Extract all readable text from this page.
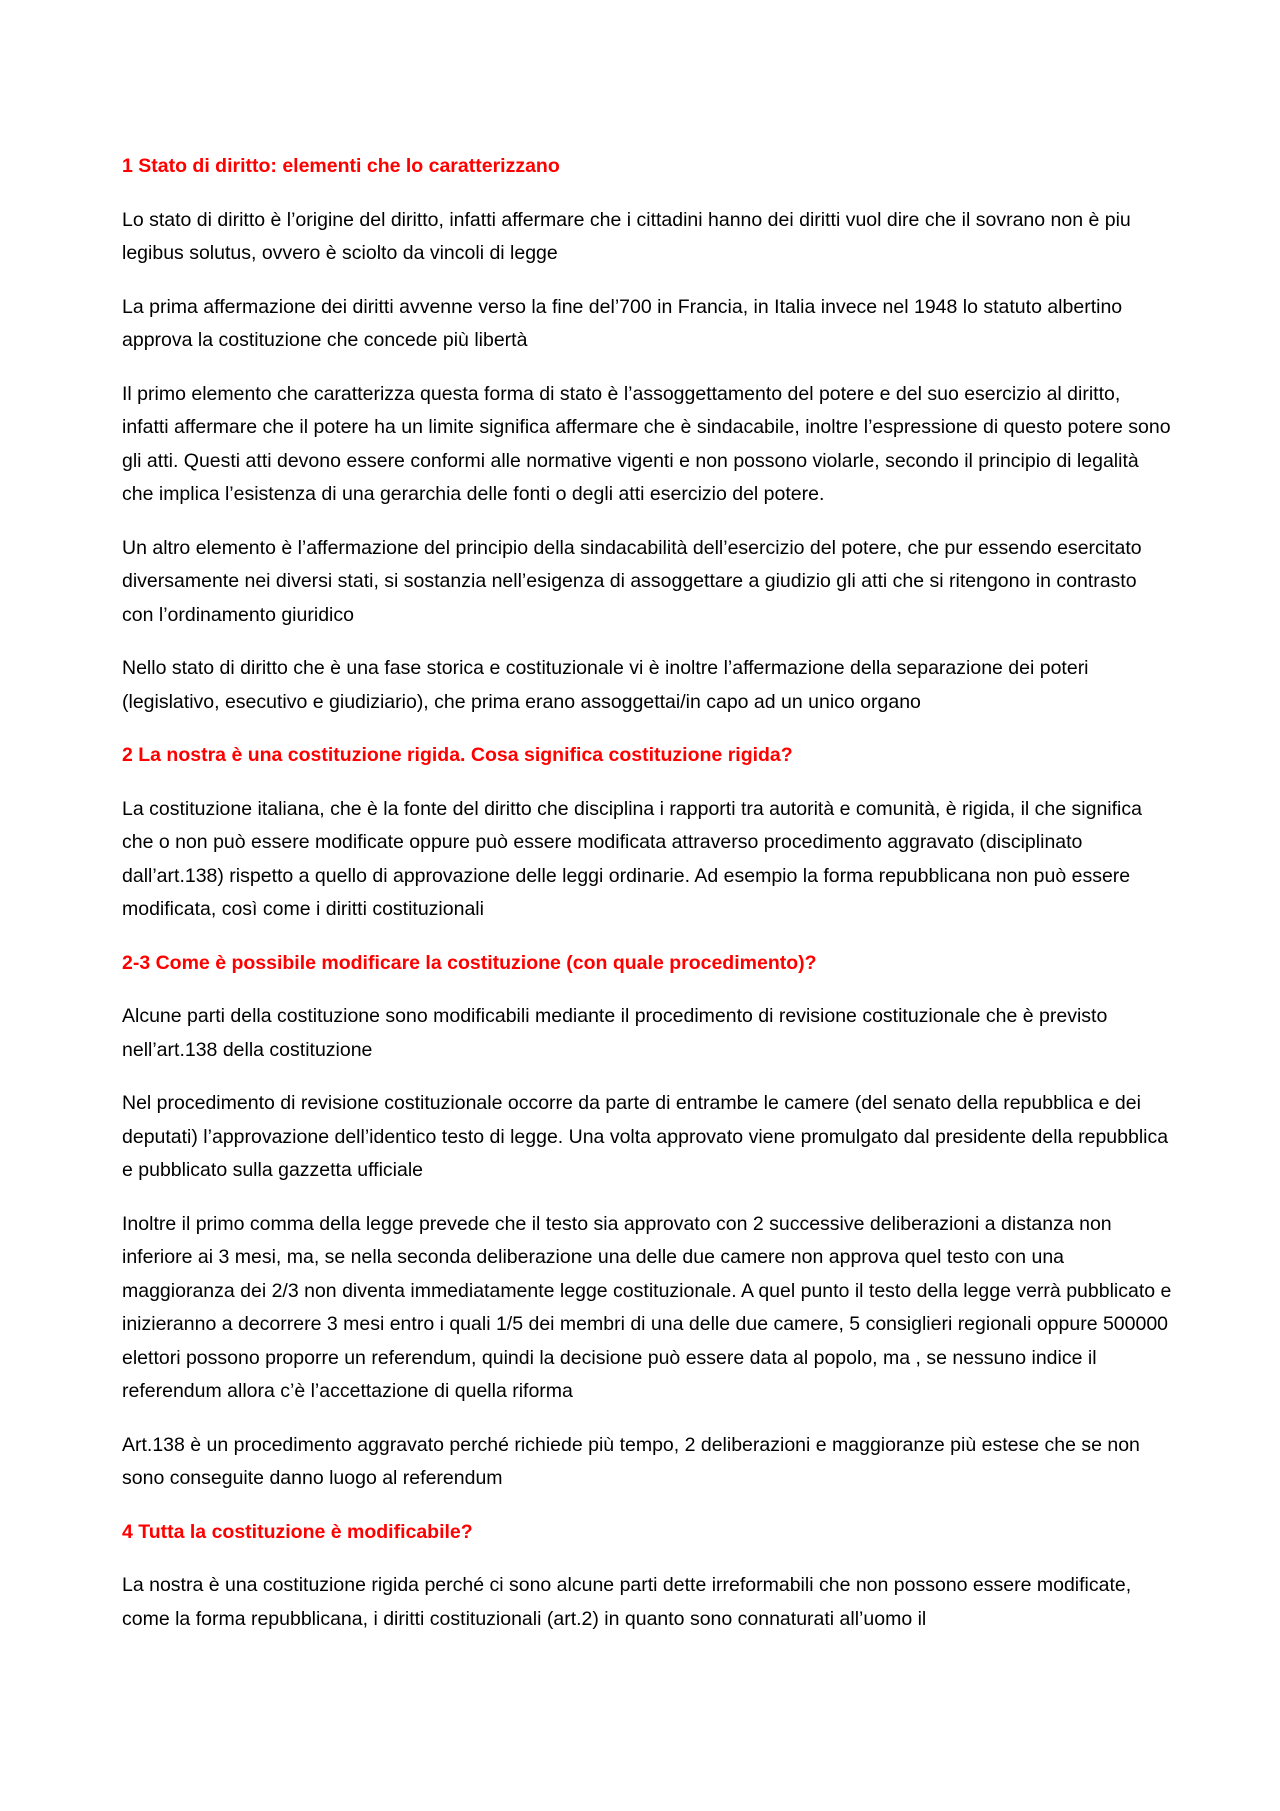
1 Stato di diritto: elementi che lo caratterizzano

Lo stato di diritto è l’origine del diritto, infatti affermare che i cittadini hanno dei diritti vuol dire che il sovrano non è piu legibus solutus, ovvero è sciolto da vincoli di legge

La prima affermazione dei diritti avvenne verso la fine del’700 in Francia, in Italia invece nel 1948 lo statuto albertino approva la costituzione che concede più libertà

Il primo elemento che caratterizza questa forma di stato è l’assoggettamento del potere e del suo esercizio al diritto, infatti affermare che il potere ha un limite significa affermare che è sindacabile, inoltre l’espressione di questo potere sono gli atti. Questi atti devono essere conformi alle normative vigenti e non possono violarle, secondo il principio di legalità che implica l’esistenza di una gerarchia delle fonti o degli atti esercizio del potere.

Un altro elemento è l’affermazione del principio della sindacabilità dell’esercizio del potere, che pur essendo esercitato diversamente nei diversi stati, si sostanzia nell’esigenza di assoggettare a giudizio gli atti che si ritengono in contrasto con l’ordinamento giuridico

Nello stato di diritto che è una fase storica e costituzionale vi è inoltre l’affermazione della separazione dei poteri (legislativo, esecutivo e giudiziario), che prima erano assoggettai/in capo ad un unico organo

2 La nostra è una costituzione rigida. Cosa significa costituzione rigida?

La costituzione italiana, che è la fonte del diritto che disciplina i rapporti tra autorità e comunità, è rigida, il che significa che o non può essere modificate oppure può essere modificata attraverso procedimento aggravato (disciplinato dall’art.138) rispetto a quello di approvazione delle leggi ordinarie. Ad esempio la forma repubblicana non può essere modificata, così come i diritti costituzionali

2-3 Come è possibile modificare la costituzione (con quale procedimento)?

Alcune parti della costituzione sono modificabili mediante il procedimento di revisione costituzionale che è previsto nell’art.138 della costituzione

Nel procedimento di revisione costituzionale occorre da parte di entrambe le camere (del senato della repubblica e dei deputati) l’approvazione dell’identico testo di legge. Una volta approvato viene promulgato dal presidente della repubblica e pubblicato sulla gazzetta ufficiale

Inoltre il primo comma della legge prevede che il testo sia approvato con 2 successive deliberazioni a distanza non inferiore ai 3 mesi, ma, se nella seconda deliberazione una delle due camere non approva quel testo con una maggioranza dei 2/3 non diventa immediatamente legge costituzionale. A quel punto il testo della legge verrà pubblicato e inizieranno a decorrere 3 mesi entro i quali 1/5 dei membri di una delle due camere, 5 consiglieri regionali oppure 500000 elettori possono proporre un referendum, quindi la decisione può essere data al popolo, ma , se nessuno indice il referendum allora c’è l’accettazione di quella riforma

Art.138 è un procedimento aggravato perché richiede più tempo, 2 deliberazioni e maggioranze più estese che se non sono conseguite danno luogo al referendum

4 Tutta la costituzione è modificabile?

La nostra è una costituzione rigida perché ci sono alcune parti dette irreformabili che non possono essere modificate, come la forma repubblicana, i diritti costituzionali (art.2) in quanto sono connaturati all’uomo il
